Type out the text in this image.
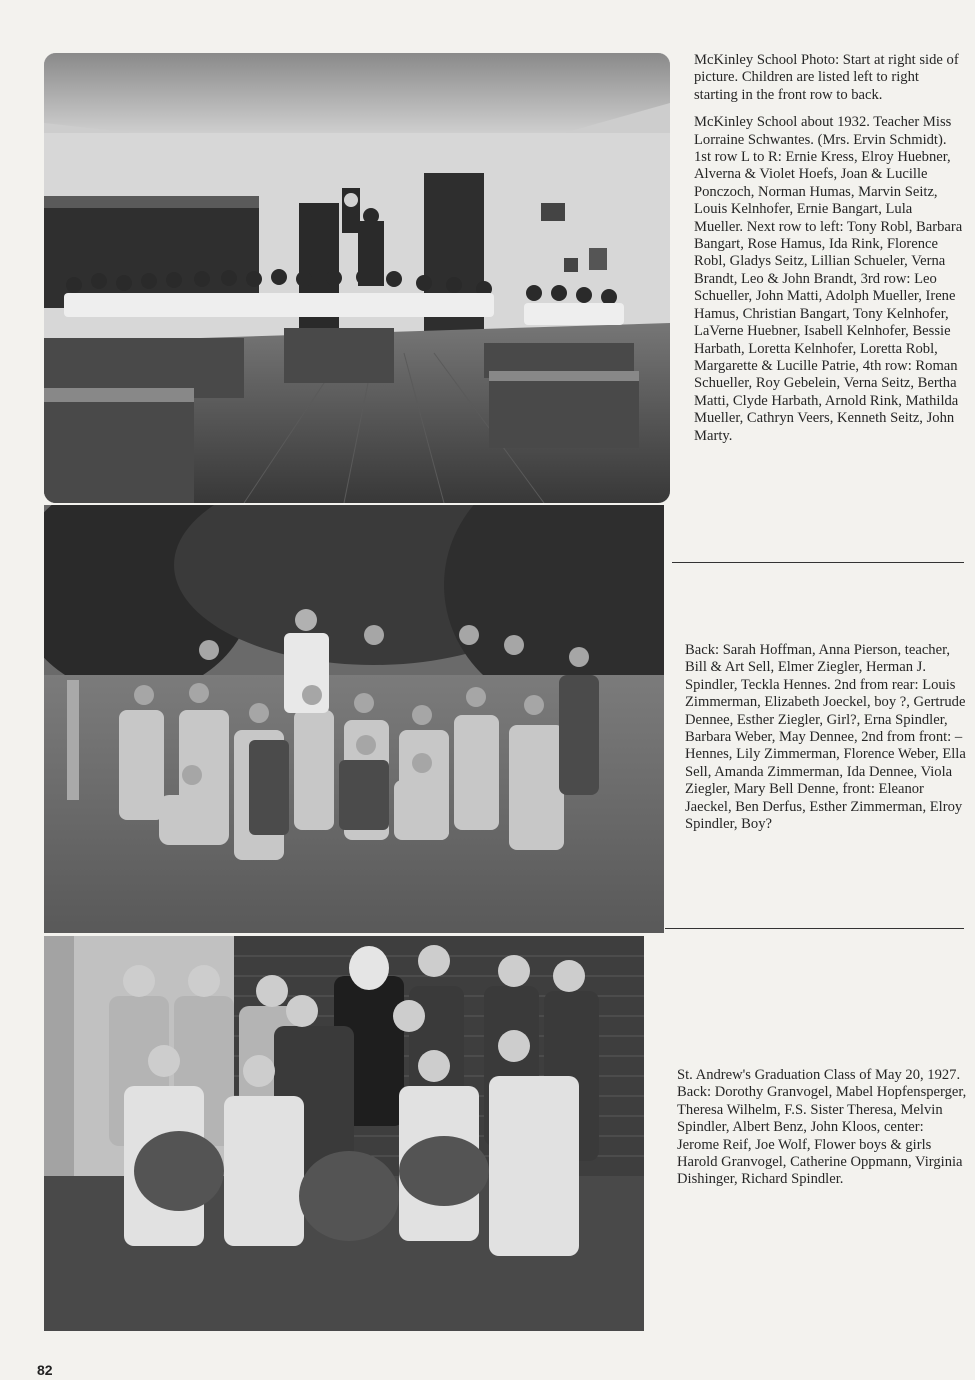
McKinley School Photo: Start at right side of picture. Children are listed left to right starting in the front row to back.

McKinley School about 1932. Teacher Miss Lorraine Schwantes. (Mrs. Ervin Schmidt). 1st row L to R: Ernie Kress, Elroy Huebner, Alverna & Violet Hoefs, Joan & Lucille Ponczoch, Norman Humas, Marvin Seitz, Louis Kelnhofer, Ernie Bangart, Lula Mueller. Next row to left: Tony Robl, Barbara Bangart, Rose Hamus, Ida Rink, Florence Robl, Gladys Seitz, Lillian Schueler, Verna Brandt, Leo & John Brandt, 3rd row: Leo Schueller, John Matti, Adolph Mueller, Irene Hamus, Christian Bangart, Tony Kelnhofer, LaVerne Huebner, Isabell Kelnhofer, Bessie Harbath, Loretta Kelnhofer, Loretta Robl, Margarette & Lucille Patrie, 4th row: Roman Schueller, Roy Gebelein, Verna Seitz, Bertha Matti, Clyde Harbath, Arnold Rink, Mathilda Mueller, Cathryn Veers, Kenneth Seitz, John Marty.

Back: Sarah Hoffman, Anna Pierson, teacher, Bill & Art Sell, Elmer Ziegler, Herman J. Spindler, Teckla Hennes. 2nd from rear: Louis Zimmerman, Elizabeth Joeckel, boy ?, Gertrude Dennee, Esther Ziegler, Girl?, Erna Spindler, Barbara Weber, May Dennee, 2nd from front: – Hennes, Lily Zimmerman, Florence Weber, Ella Sell, Amanda Zimmerman, Ida Dennee, Viola Ziegler, Mary Bell Denne, front: Eleanor Jaeckel, Ben Derfus, Esther Zimmerman, Elroy Spindler, Boy?

St. Andrew's Graduation Class of May 20, 1927. Back: Dorothy Granvogel, Mabel Hopfensperger, Theresa Wilhelm, F.S. Sister Theresa, Melvin Spindler, Albert Benz, John Kloos, center: Jerome Reif, Joe Wolf, Flower boys & girls Harold Granvogel, Catherine Oppmann, Virginia Dishinger, Richard Spindler.

82
